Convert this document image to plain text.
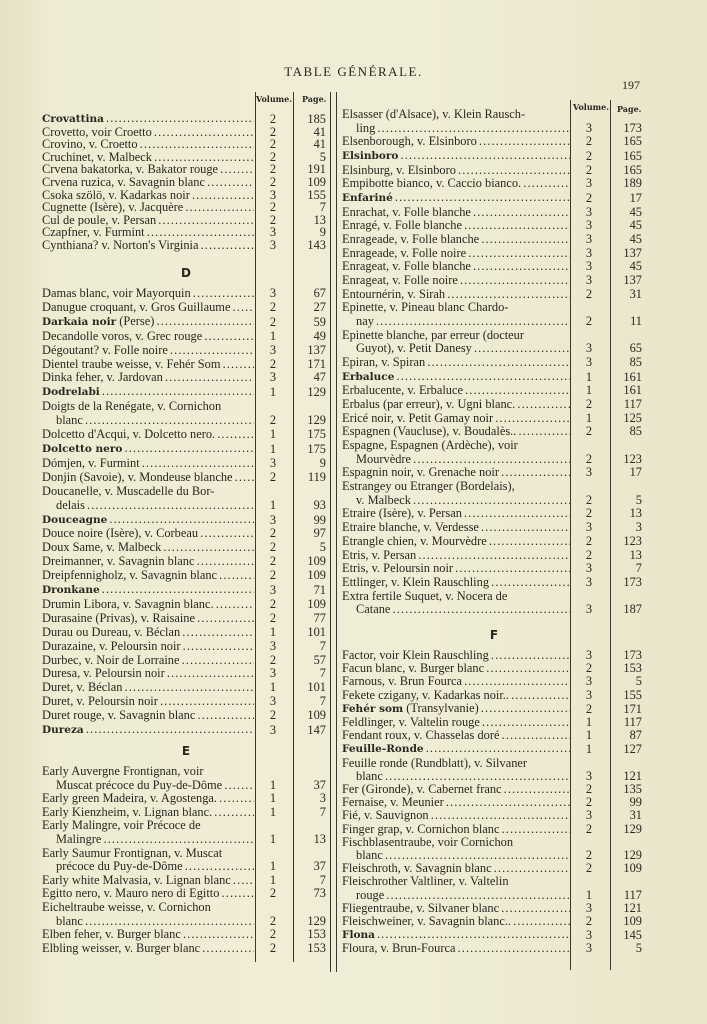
TABLE GÉNÉRALE.
197
Volume. Page.
Volume. Page.
Crovattina . . .	2	185
Crovetto, voir Croetto . . .	2	41
Crovino, v. Croetto . . .	2	41
Cruchinet, v. Malbeck . . .	2	5
Crvena bakatorka, v. Bakator rouge . . .	2	191
Crvena ruzica, v. Savagnin blanc . . .	2	109
Csoka szölö, v. Kadarkas noir . . .	3	155
Cugnette (Isère), v. Jacquère . . .	2	7
Cul de poule, v. Persan . . .	2	13
Czapfner, v. Furmint . . .	3	9
Cynthiana? v. Norton's Virginia . . .	3	143
D
Damas blanc, voir Mayorquin . . .	3	67
Danugue croquant, v. Gros Guillaume . . .	2	27
Darkaia noir (Perse) . . .	2	59
Decandolle voros, v. Grec rouge . . .	1	49
Dégoutant? v. Folle noire . . .	3	137
Dientel traube weisse, v. Fehér Som . . .	2	171
Dinka feher, v. Jardovan . . .	3	47
Dodrelabi . . .	1	129
Doigts de la Renégate, v. Cornichon
blanc . . .	2	129
Dolcetto d'Acqui, v. Dolcetto nero. . . .	1	175
Dolcetto nero . . .	1	175
Dómjen, v. Furmint . . .	3	9
Donjin (Savoie), v. Mondeuse blanche . . .	2	119
Doucanelle, v. Muscadelle du Bor-
delais . . .	1	93
Douceagne . . .	3	99
Douce noire (Isère), v. Corbeau . . .	2	97
Doux Same, v. Malbeck . . .	2	5
Dreimanner, v. Savagnin blanc . . .	2	109
Dreipfennigholz, v. Savagnin blanc . . .	2	109
Dronkane . . .	3	71
Drumin Libora, v. Savagnin blanc. . . .	2	109
Durasaine (Privas), v. Raisaine . . .	2	77
Durau ou Dureau, v. Béclan . . .	1	101
Durazaine, v. Peloursin noir . . .	3	7
Durbec, v. Noir de Lorraine . . .	2	57
Duresa, v. Peloursin noir . . .	3	7
Duret, v. Béclan . . .	1	101
Duret, v. Peloursin noir . . .	3	7
Duret rouge, v. Savagnin blanc . . .	2	109
Dureza . . .	3	147
E
Early Auvergne Frontignan, voir
Muscat précoce du Puy-de-Dôme . . .	1	37
Early green Madeira, v. Agostenga. . . .	1	3
Early Kienzheim, v. Lignan blanc. . . .	1	7
Early Malingre, voir Précoce de
Malingre . . .	1	13
Early Saumur Frontignan, v. Muscat
précoce du Puy-de-Dôme . . .	1	37
Early white Malvasia, v. Lignan blanc . . .	1	7
Egitto nero, v. Mauro nero di Egitto . . .	2	73
Eicheltraube weisse, v. Cornichon
blanc . . .	2	129
Elben feher, v. Burger blanc . . .	2	153
Elbling weisser, v. Burger blanc . . .	2	153
Elsasser (d'Alsace), v. Klein Rausch-
ling . . .	3	173
Elsenborough, v. Elsinboro . . .	2	165
Elsinboro . . .	2	165
Elsinburg, v. Elsinboro . . .	2	165
Empibotte bianco, v. Caccio bianco. . . .	3	189
Enfariné . . .	2	17
Enrachat, v. Folle blanche . . .	3	45
Enragé, v. Folle blanche . . .	3	45
Enrageade, v. Folle blanche . . .	3	45
Enrageade, v. Folle noire . . .	3	137
Enrageat, v. Folle blanche . . .	3	45
Enrageat, v. Folle noire . . .	3	137
Entournérin, v. Sirah . . .	2	31
Epinette, v. Pineau blanc Chardo-
nay . . .	2	11
Epinette blanche, par erreur (docteur
Guyot), v. Petit Danesy . . .	3	65
Epiran, v. Spiran . . .	3	85
Erbaluce . . .	1	161
Erbalucente, v. Erbaluce . . .	1	161
Erbalus (par erreur), v. Ugni blanc. . . .	2	117
Ericé noir, v. Petit Gamay noir . . .	1	125
Espagnen (Vaucluse), v. Boudalès.. . . .	2	85
Espagne, Espagnen (Ardèche), voir
Mourvèdre . . .	2	123
Espagnin noir, v. Grenache noir . . .	3	17
Estrangey ou Etranger (Bordelais),
v. Malbeck . . .	2	5
Etraire (Isère), v. Persan . . .	2	13
Etraire blanche, v. Verdesse . . .	3	3
Etrangle chien, v. Mourvèdre . . .	2	123
Etris, v. Persan . . .	2	13
Etris, v. Peloursin noir . . .	3	7
Ettlinger, v. Klein Rauschling . . .	3	173
Extra fertile Suquet, v. Nocera de
Catane . . .	3	187
F
Factor, voir Klein Rauschling . . .	3	173
Facun blanc, v. Burger blanc . . .	2	153
Farnous, v. Brun Fourca . . .	3	5
Fekete czigany, v. Kadarkas noir.. . . .	3	155
Fehér som (Transylvanie) . . .	2	171
Feldlinger, v. Valtelin rouge . . .	1	117
Fendant roux, v. Chasselas doré . . .	1	87
Feuille-Ronde . . .	1	127
Feuille ronde (Rundblatt), v. Silvaner
blanc . . .	3	121
Fer (Gironde), v. Cabernet franc . . .	2	135
Fernaise, v. Meunier . . .	2	99
Fié, v. Sauvignon . . .	3	31
Finger grap, v. Cornichon blanc . . .	2	129
Fischblasentraube, voir Cornichon
blanc . . .	2	129
Fleischroth, v. Savagnin blanc . . .	2	109
Fleischrother Valtliner, v. Valtelin
rouge . . .	1	117
Fliegentraube, v. Silvaner blanc . . .	3	121
Fleischweiner, v. Savagnin blanc.. . . .	2	109
Flona . . .	3	145
Floura, v. Brun-Fourca . . .	3	5
